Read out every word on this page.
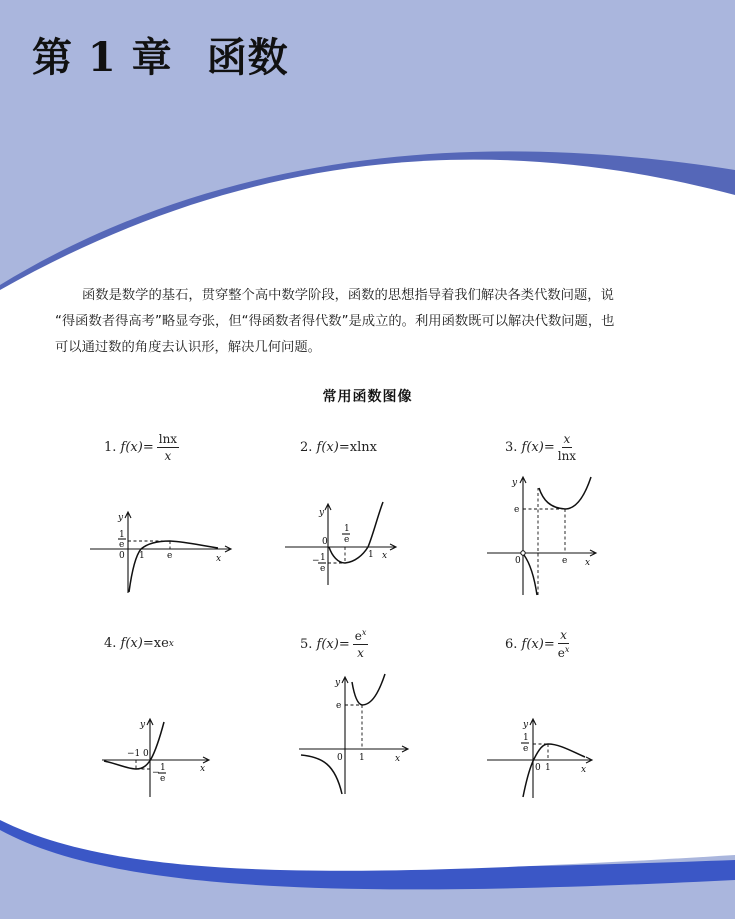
第 1 章 函数
函数是数学的基石，贯穿整个高中数学阶段，函数的思想指导着我们解决各类代数问题，说
“得函数者得高考”略显夸张，但“得函数者得代数”是成立的。利用函数既可以解决代数问题，也
可以通过数的角度去认识形，解决几何问题。
常用函数图像
1.
$f(x)= \frac{\ln x}{x}$	2.
f(x)= xlnx	3.
$f(x)= \frac{x}{\ln x}$
4.
f(x)= xe x	5.
$f(x)= \frac{e^x}{x}$	6.
$f(x)= \frac{x}{e^x}$
y
x
0 1 e
1
e
y
x
0
1
1
e
− 1
e
y
x
0	e
e
y
x
−1 0
− 1
e
y
x
0 1
e
y
x
0 1
1
e
